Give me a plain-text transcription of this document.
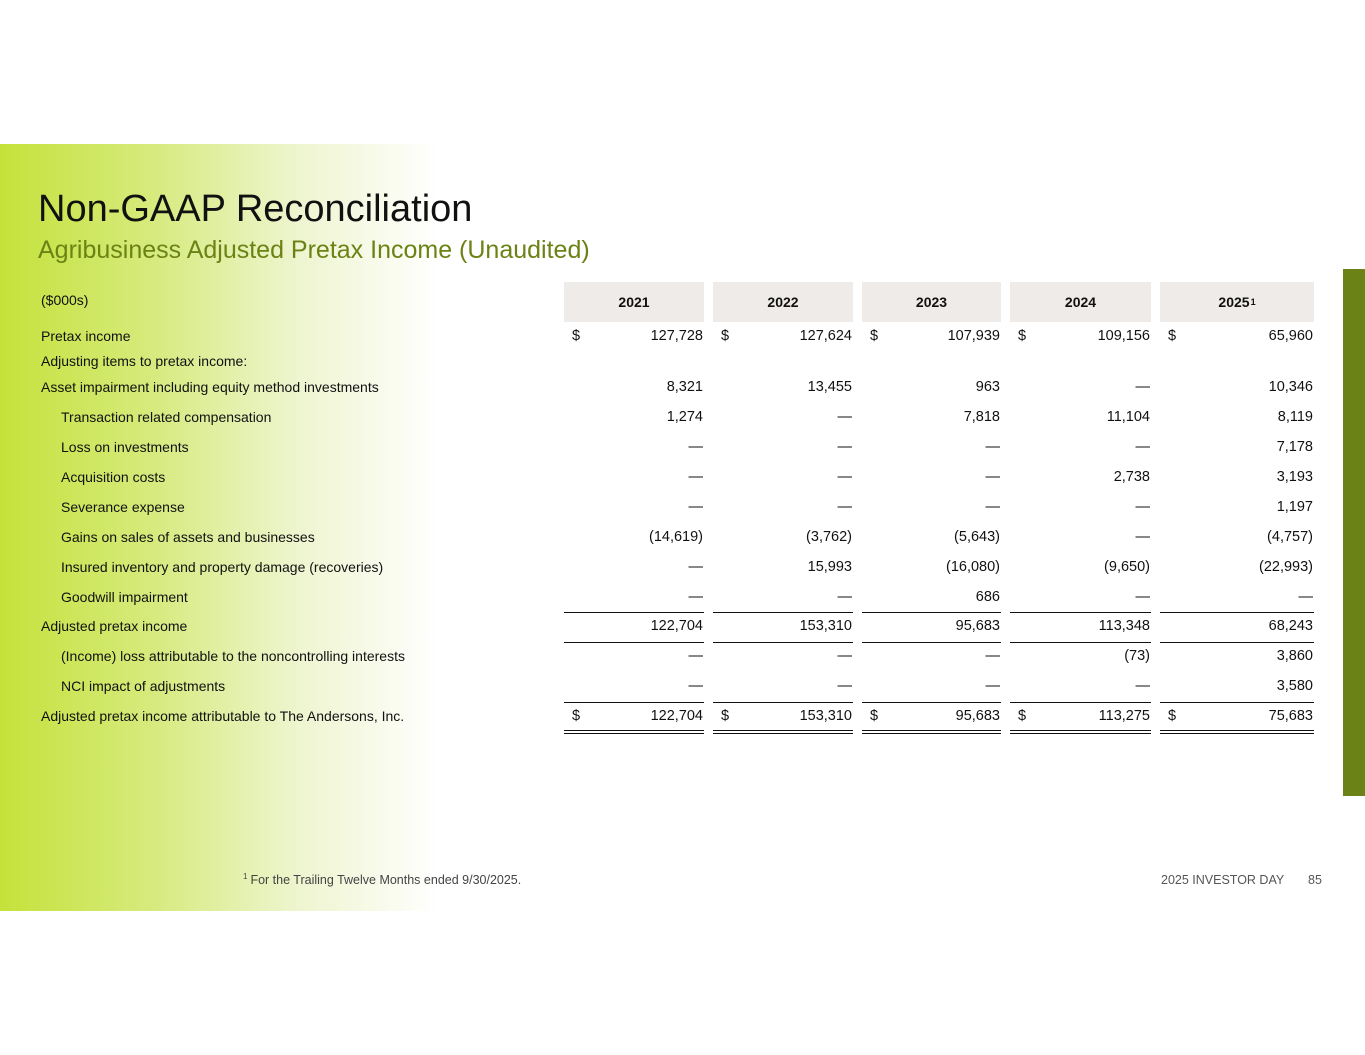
Non-GAAP Reconciliation
Agribusiness Adjusted Pretax Income (Unaudited)
($000s)	2021	2022	2023	2024	2025 1
Pretax income	$	127,728 $	127,624 $	107,939 $	109,156 $	65,960
Adjusting items to pretax income:
Asset impairment including equity method investments	8,321	13,455	963	—	10,346
Transaction related compensation	1,274	—	7,818	11,104	8,119
Loss on investments	—	—	—	—	7,178
Acquisition costs	—	—	—	2,738	3,193
Severance expense	—	—	—	—	1,197
Gains on sales of assets and businesses	(14,619)	(3,762)	(5,643)	—	(4,757)
Insured inventory and property damage (recoveries)	—	15,993	(16,080)	(9,650)	(22,993)
Goodwill impairment	—	—	686	—	—
Adjusted pretax income	122,704	153,310	95,683	113,348	68,243
(Income) loss attributable to the noncontrolling interests	—	—	—	(73)	3,860
NCI impact of adjustments	—	—	—	—	3,580
Adjusted pretax income attributable to The Andersons, Inc.	$	122,704 $	153,310 $	95,683 $	113,275 $	75,683
$^1$ For the Trailing Twelve Months ended 9/30/2025.	2025 INVESTOR DAY 85
